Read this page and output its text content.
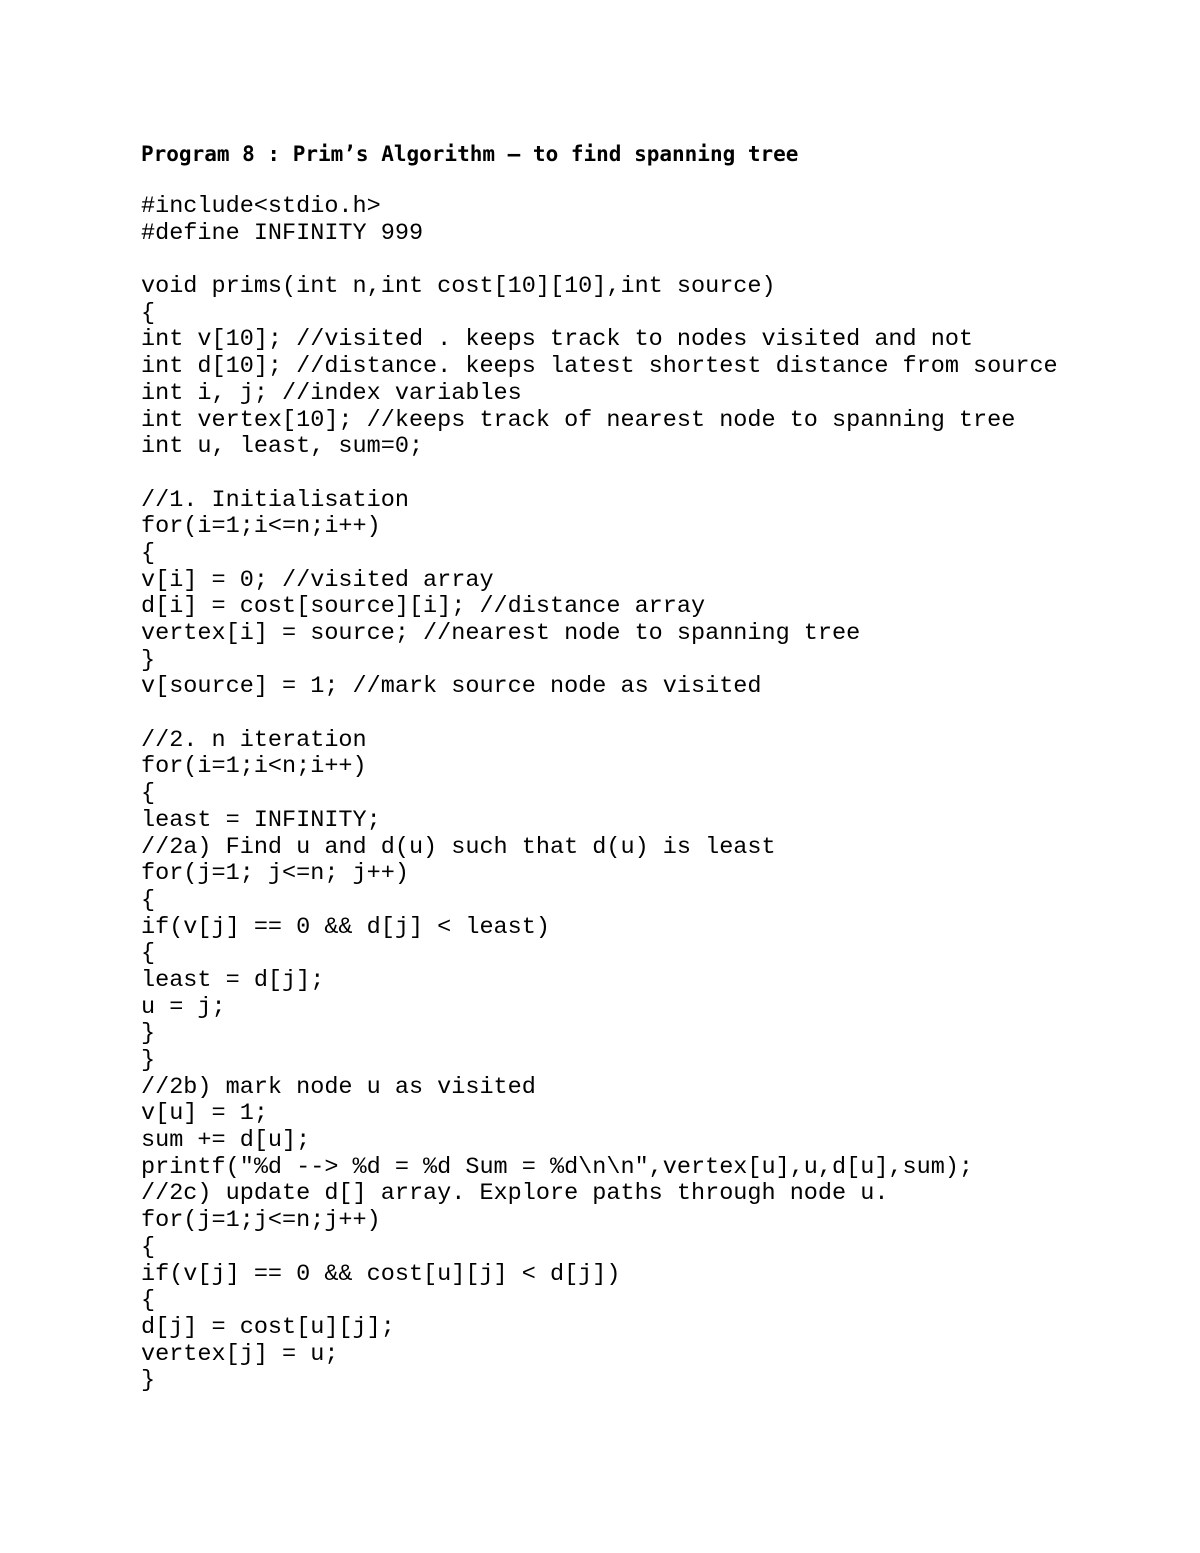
Program 8 : Prim’s Algorithm – to find spanning tree
#include<stdio.h>
#define INFINITY 999
void prims(int n,int cost[10][10],int source)
{
int v[10]; //visited . keeps track to nodes visited and not
int d[10]; //distance. keeps latest shortest distance from source
int i, j; //index variables
int vertex[10]; //keeps track of nearest node to spanning tree
int u, least, sum=0;
//1. Initialisation
for(i=1;i<=n;i++)
{
v[i] = 0; //visited array
d[i] = cost[source][i]; //distance array
vertex[i] = source; //nearest node to spanning tree
}
v[source] = 1; //mark source node as visited
//2. n iteration
for(i=1;i<n;i++)
{
least = INFINITY;
//2a) Find u and d(u) such that d(u) is least
for(j=1; j<=n; j++)
{
if(v[j] == 0 && d[j] < least)
{
least = d[j];
u = j;
}
}
//2b) mark node u as visited
v[u] = 1;
sum += d[u];
printf("%d --> %d = %d Sum = %d\n\n",vertex[u],u,d[u],sum);
//2c) update d[] array. Explore paths through node u.
for(j=1;j<=n;j++)
{
if(v[j] == 0 && cost[u][j] < d[j])
{
d[j] = cost[u][j];
vertex[j] = u;
}
